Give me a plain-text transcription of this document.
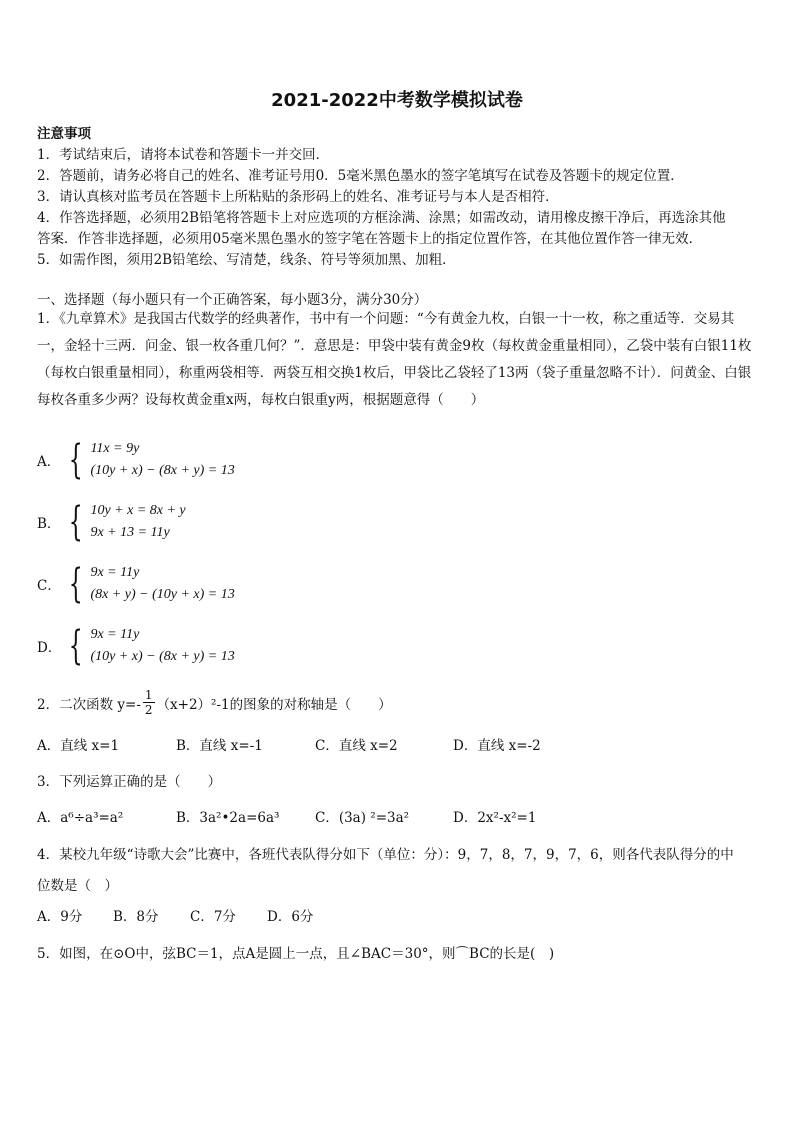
2021-2022中考数学模拟试卷
注意事项
1．考试结束后，请将本试卷和答题卡一并交回．
2．答题前，请务必将自己的姓名、准考证号用0．5毫米黑色墨水的签字笔填写在试卷及答题卡的规定位置．
3．请认真核对监考员在答题卡上所粘贴的条形码上的姓名、准考证号与本人是否相符．
4．作答选择题，必须用2B铅笔将答题卡上对应选项的方框涂满、涂黑；如需改动，请用橡皮擦干净后，再选涂其他
答案．作答非选择题，必须用05毫米黑色墨水的签字笔在答题卡上的指定位置作答，在其他位置作答一律无效．
5．如需作图，须用2B铅笔绘、写清楚，线条、符号等须加黑、加粗．
一、选择题（每小题只有一个正确答案，每小题3分，满分30分）
1．《九章算术》是我国古代数学的经典著作，书中有一个问题：“今有黄金九枚，白银一十一枚，称之重适等．交易其一，金轻十三两．问金、银一枚各重几何？”．意思是：甲袋中装有黄金9枚（每枚黄金重量相同），乙袋中装有白银11枚（每枚白银重量相同），称重两袋相等．两袋互相交换1枚后，甲袋比乙袋轻了13两（袋子重量忽略不计）．问黄金、白银每枚各重多少两？设每枚黄金重x两，每枚白银重y两，根据题意得（　　）
A． { 11x = 9y
(10y + x) − (8x + y) = 13
B． { 10y + x = 8x + y
9x + 13 = 11y
C． { 9x = 11y
(8x + y) − (10y + x) = 13
D． { 9x = 11y
(10y + x) − (8x + y) = 13
2．二次函数 $y=- \frac{1}{2} (x+2)^2-1$的图象的对称轴是（　　）
A．直线 x=1	B．直线 x=-1	C．直线 x=2	D．直线 x=-2
3．下列运算正确的是（　　）
A．a⁶÷a³=a²	B．3a²•2a=6a³	C．(3a) ²=3a²	D．2x²-x²=1
4．某校九年级“诗歌大会”比赛中，各班代表队得分如下（单位：分）：9，7，8，7，9，7，6，则各代表队得分的中
位数是（　）
A．9分 B．8分 C．7分 D．6分
5．如图，在⊙O中，弦BC＝1，点A是圆上一点，且∠BAC＝30°，则⌒BC的长是(　)
